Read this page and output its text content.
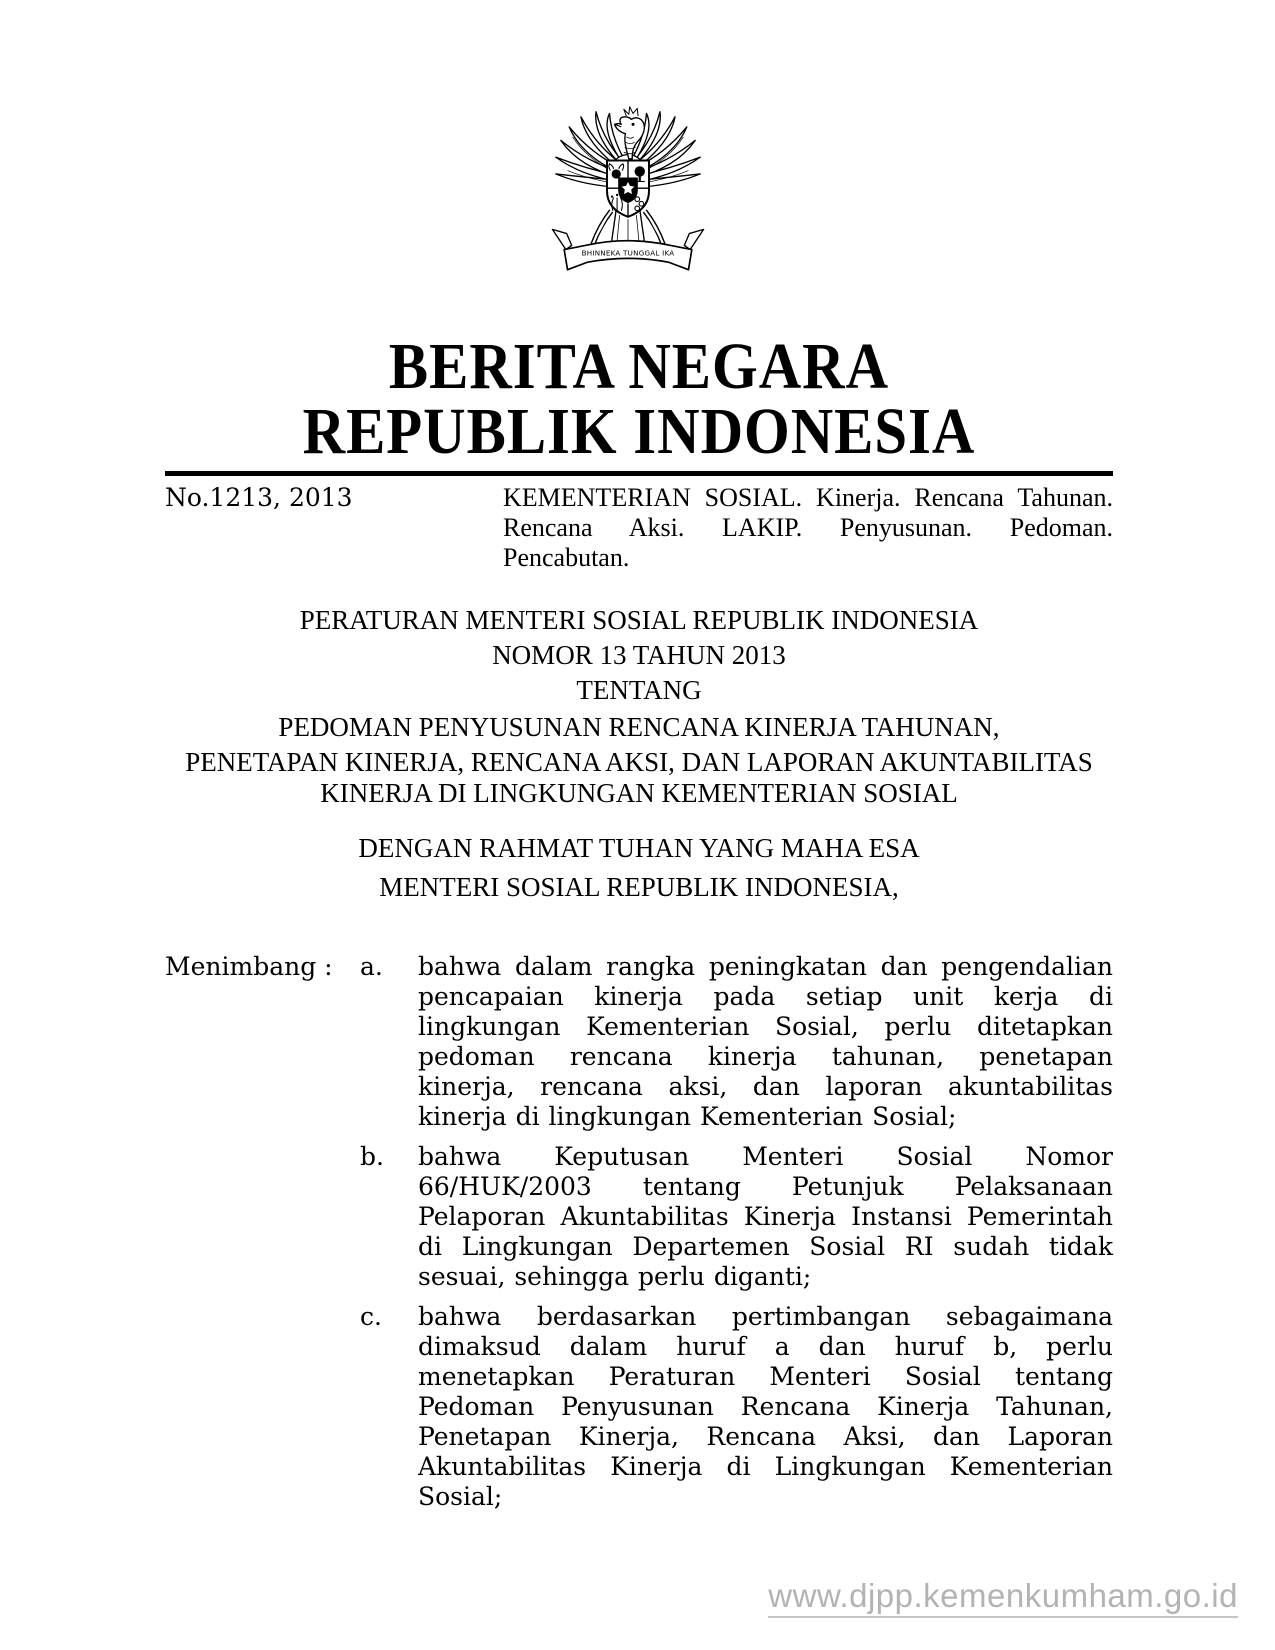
BHINNEKA TUNGGAL IKA
BERITA NEGARA
REPUBLIK INDONESIA
No.1213, 2013	KEMENTERIAN SOSIAL. Kinerja. Rencana Tahunan. Rencana Aksi. LAKIP. Penyusunan. Pedoman. Pencabutan.
PERATURAN MENTERI SOSIAL REPUBLIK INDONESIA
NOMOR 13 TAHUN 2013
TENTANG
PEDOMAN PENYUSUNAN RENCANA KINERJA TAHUNAN,
PENETAPAN KINERJA, RENCANA AKSI, DAN LAPORAN AKUNTABILITAS
KINERJA DI LINGKUNGAN KEMENTERIAN SOSIAL
DENGAN RAHMAT TUHAN YANG MAHA ESA
MENTERI SOSIAL REPUBLIK INDONESIA,
Menimbang : a.	bahwa dalam rangka peningkatan dan pengendalian pencapaian kinerja pada setiap unit kerja di lingkungan Kementerian Sosial, perlu ditetapkan pedoman rencana kinerja tahunan, penetapan kinerja, rencana aksi, dan laporan akuntabilitas kinerja di lingkungan Kementerian Sosial;
b.	bahwa Keputusan Menteri Sosial Nomor 66/HUK/2003 tentang Petunjuk Pelaksanaan Pelaporan Akuntabilitas Kinerja Instansi Pemerintah di Lingkungan Departemen Sosial RI sudah tidak sesuai, sehingga perlu diganti;
c.	bahwa berdasarkan pertimbangan sebagaimana dimaksud dalam huruf a dan huruf b, perlu menetapkan Peraturan Menteri Sosial tentang Pedoman Penyusunan Rencana Kinerja Tahunan, Penetapan Kinerja, Rencana Aksi, dan Laporan Akuntabilitas Kinerja di Lingkungan Kementerian Sosial;
www.djpp.kemenkumham.go.id
